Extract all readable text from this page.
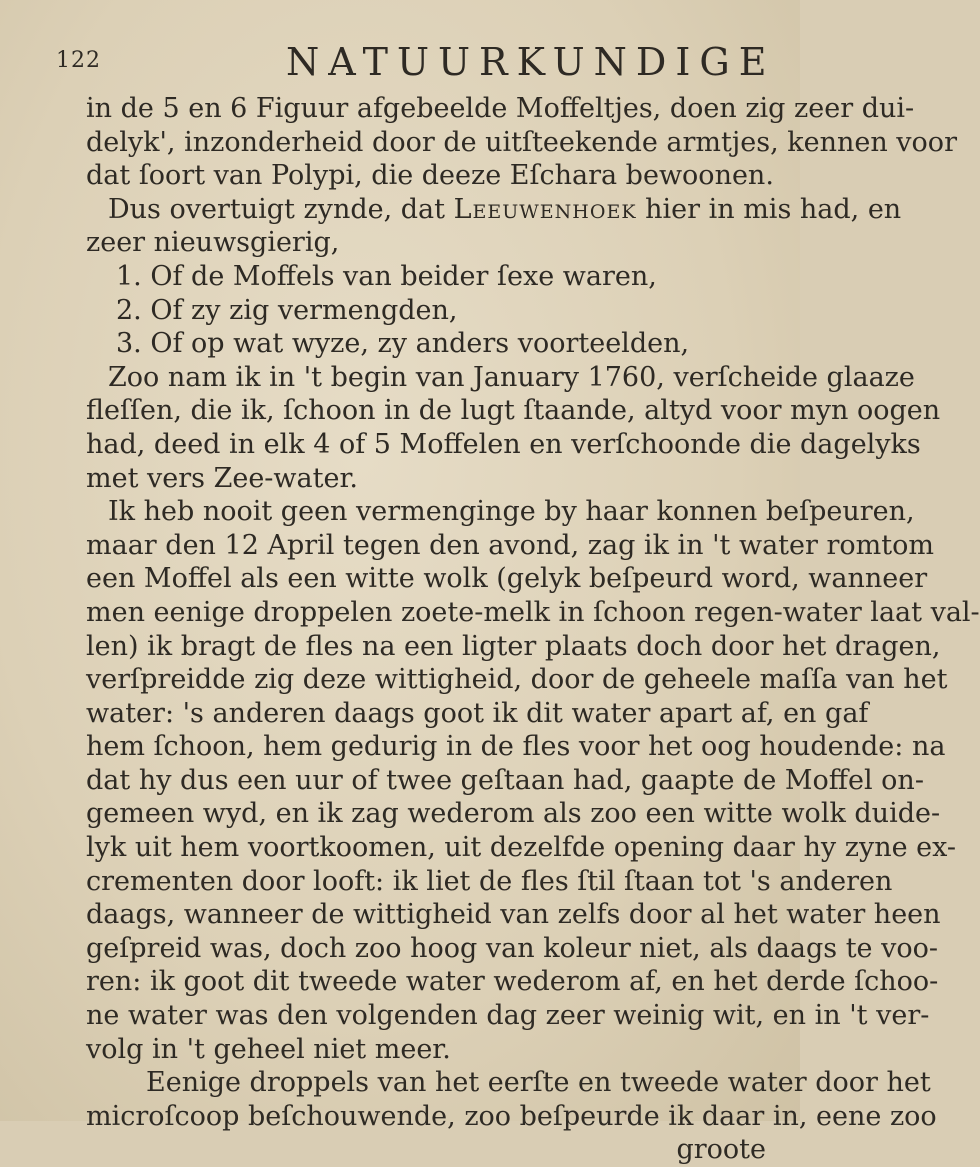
122	NATUURKUNDIGE
in de 5 en 6 Figuur afgebeelde Moffeltjes, doen zig zeer dui-
delyk', inzonderheid door de uitſteekende armtjes, kennen voor
dat ſoort van Polypi, die deeze Eſchara bewoonen.
Dus overtuigt zynde, dat Leeuwenhoek hier in mis had, en
zeer nieuwsgierig,
1. Of de Moffels van beider ſexe waren,
2. Of zy zig vermengden,
3. Of op wat wyze, zy anders voorteelden,
Zoo nam ik in 't begin van January 1760, verſcheide glaaze
fleſſen, die ik, ſchoon in de lugt ſtaande, altyd voor myn oogen
had, deed in elk 4 of 5 Moffelen en verſchoonde die dagelyks
met vers Zee-water.
Ik heb nooit geen vermenginge by haar konnen beſpeuren,
maar den 12 April tegen den avond, zag ik in 't water romtom
een Moffel als een witte wolk (gelyk beſpeurd word, wanneer
men eenige droppelen zoete-melk in ſchoon regen-water laat val-
len) ik bragt de fles na een ligter plaats doch door het dragen,
verſpreidde zig deze wittigheid, door de geheele maſſa van het
water: 's anderen daags goot ik dit water apart af, en gaf
hem ſchoon, hem gedurig in de fles voor het oog houdende: na
dat hy dus een uur of twee geſtaan had, gaapte de Moffel on-
gemeen wyd, en ik zag wederom als zoo een witte wolk duide-
lyk uit hem voortkoomen, uit dezelfde opening daar hy zyne ex-
crementen door looft: ik liet de fles ſtil ſtaan tot 's anderen
daags, wanneer de wittigheid van zelfs door al het water heen
geſpreid was, doch zoo hoog van koleur niet, als daags te voo-
ren: ik goot dit tweede water wederom af, en het derde ſchoo-
ne water was den volgenden dag zeer weinig wit, en in 't ver-
volg in 't geheel niet meer.
Eenige droppels van het eerſte en tweede water door het
microſcoop beſchouwende, zoo beſpeurde ik daar in, eene zoo
groote
